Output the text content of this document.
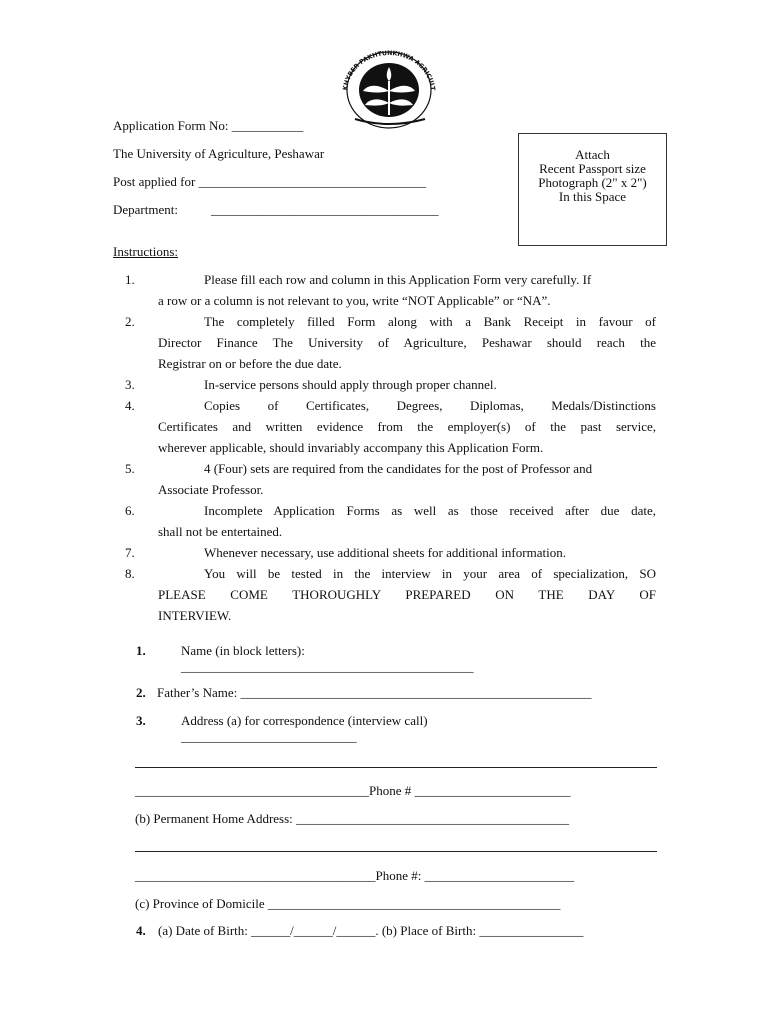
KHYBER PAKHTUNKHWA AGRICULT
Application Form No: ___________
The University of Agriculture, Peshawar
Post applied for ___________________________________
Department:	___________________________________
Attach
Recent Passport size
Photograph (2" x 2")
In this Space
Instructions:
1.	Please fill each row and column in this Application Form very carefully. If
a row or a column is not relevant to you, write “NOT Applicable” or “NA”.
2.	The completely filled Form along with a Bank Receipt in favour of
Director Finance The University of Agriculture, Peshawar should reach the
Registrar on or before the due date.
3.	In-service persons should apply through proper channel.
4.	Copies of Certificates, Degrees, Diplomas, Medals/Distinctions
Certificates and written evidence from the employer(s) of the past service,
wherever applicable, should invariably accompany this Application Form.
5.	4 (Four) sets are required from the candidates for the post of Professor and
Associate Professor.
6.	Incomplete Application Forms as well as those received after due date,
shall not be entertained.
7.	Whenever necessary, use additional sheets for additional information.
8.	You will be tested in the interview in your area of specialization, SO
PLEASE COME THOROUGHLY PREPARED ON THE DAY OF
INTERVIEW.
1.	Name (in block letters):
_____________________________________________
2. Father’s Name: ______________________________________________________
3.	Address (a) for correspondence (interview call)
___________________________
____________________________________Phone # ________________________
(b) Permanent Home Address: __________________________________________
_____________________________________Phone #: _______________________
(c) Province of Domicile _____________________________________________
4. (a) Date of Birth: ______/______/______. (b) Place of Birth: ________________
